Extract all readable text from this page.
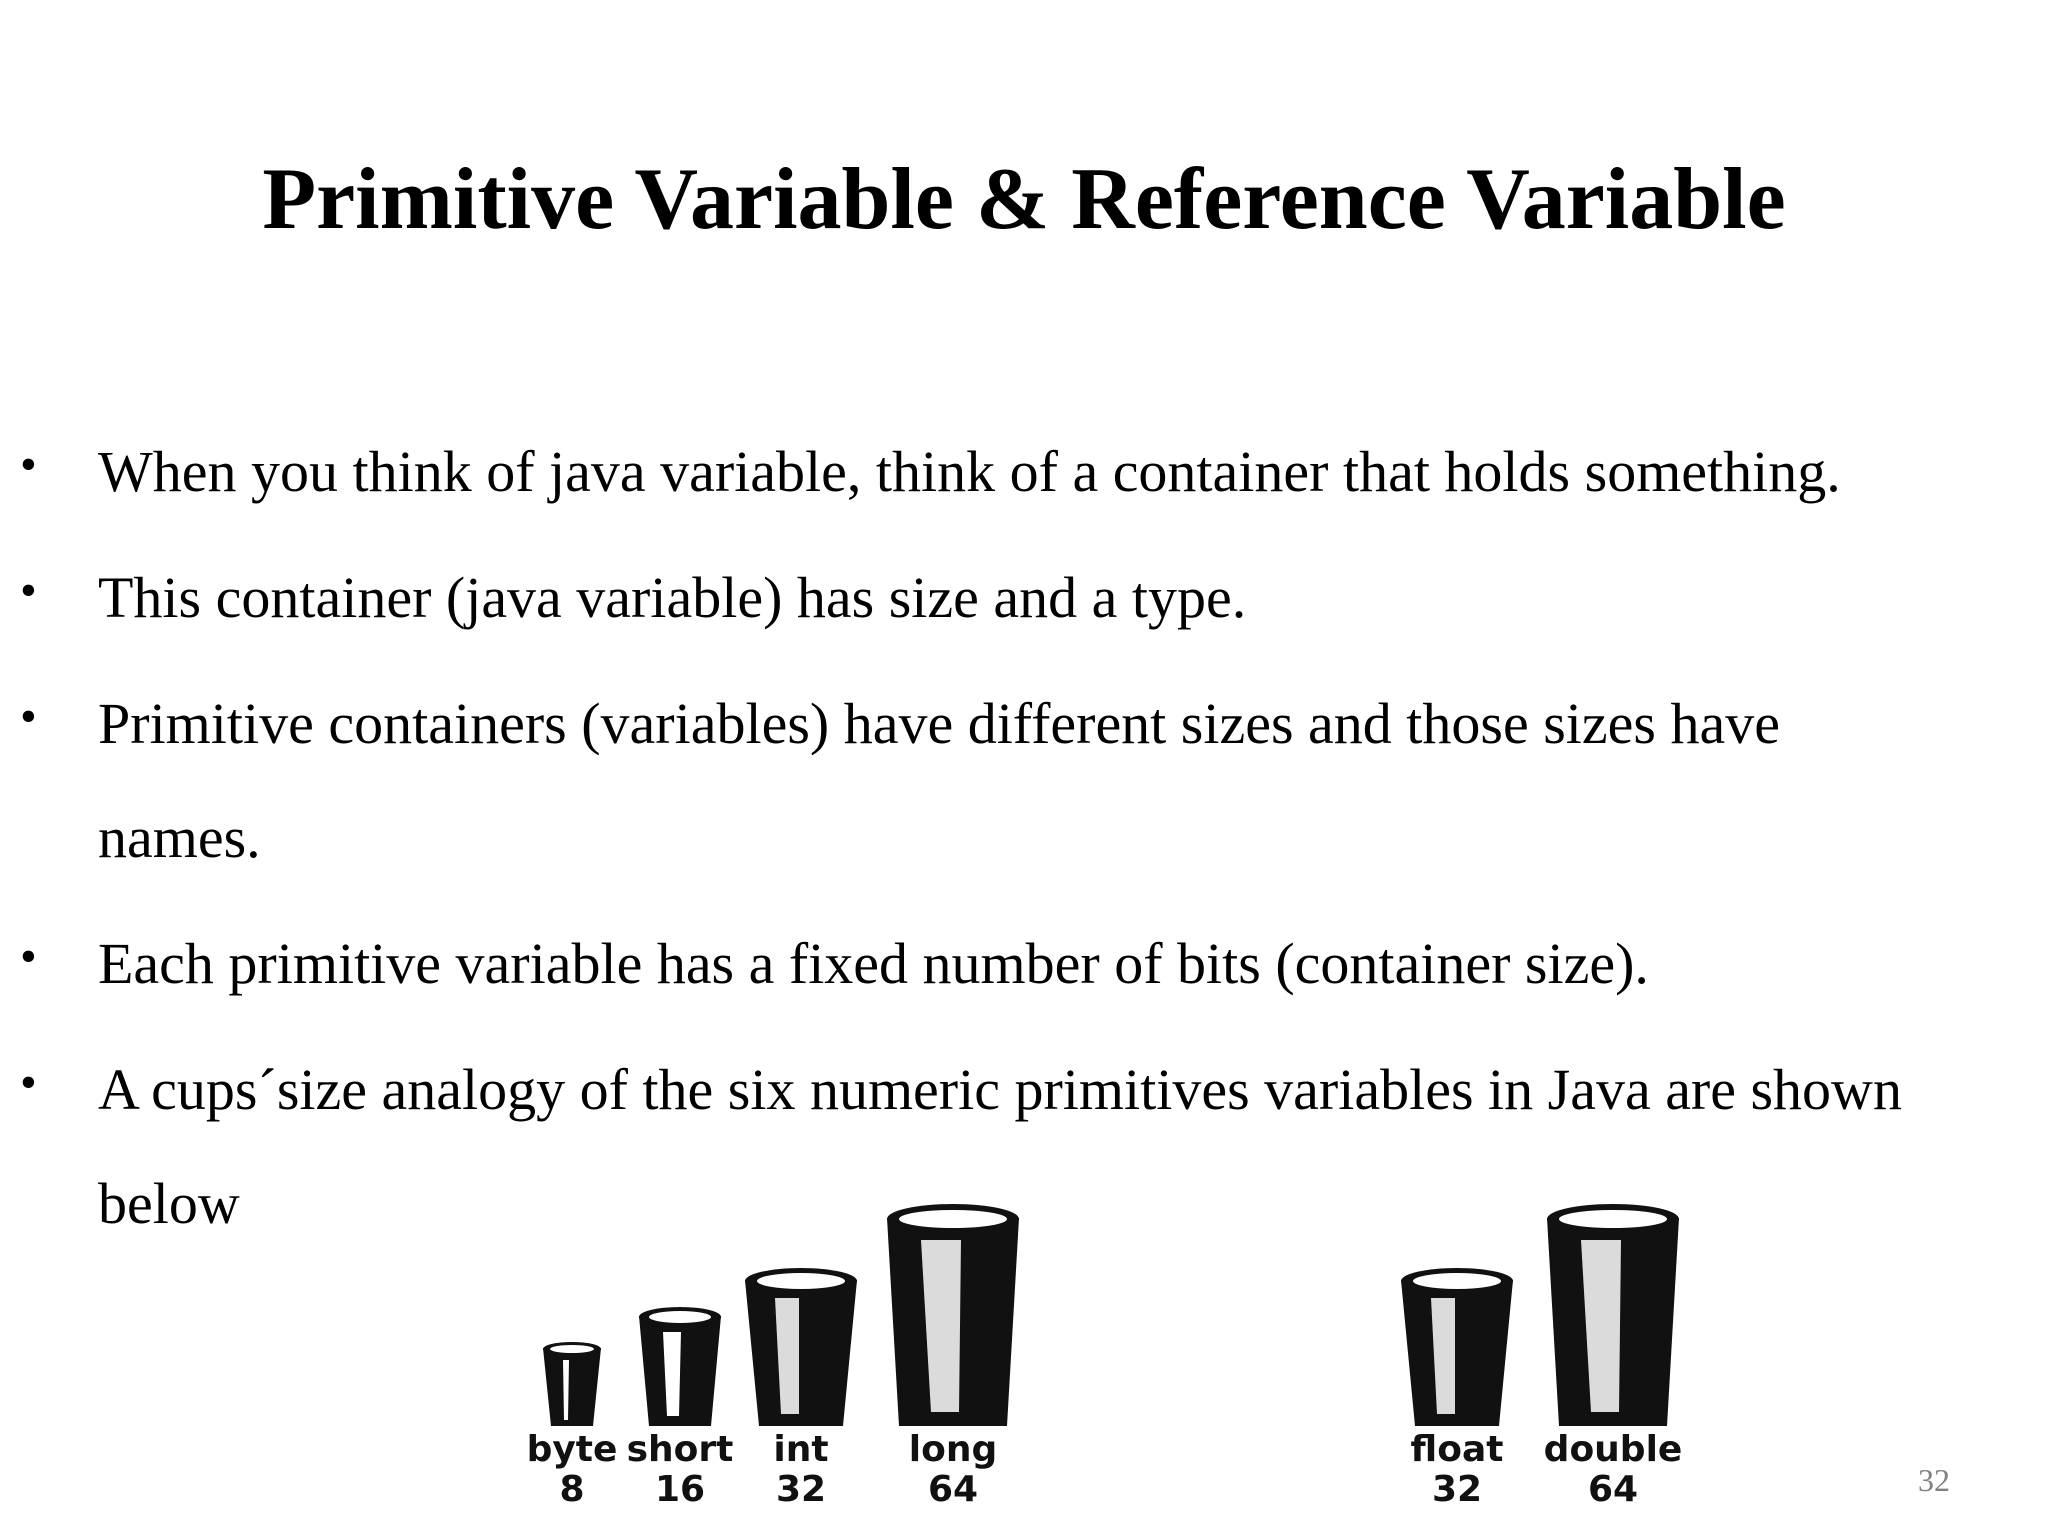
Primitive Variable & Reference Variable
• When you think of java variable, think of a container that holds something.
• This container (java variable) has size and a type.
• Primitive containers (variables) have different sizes and those sizes have names.
• Each primitive variable has a fixed number of bits (container size).
• A cups´size analogy of the six numeric primitives variables in Java are shown below
byte
8
short
16
int
32
long
64
float
32
double
64	32
